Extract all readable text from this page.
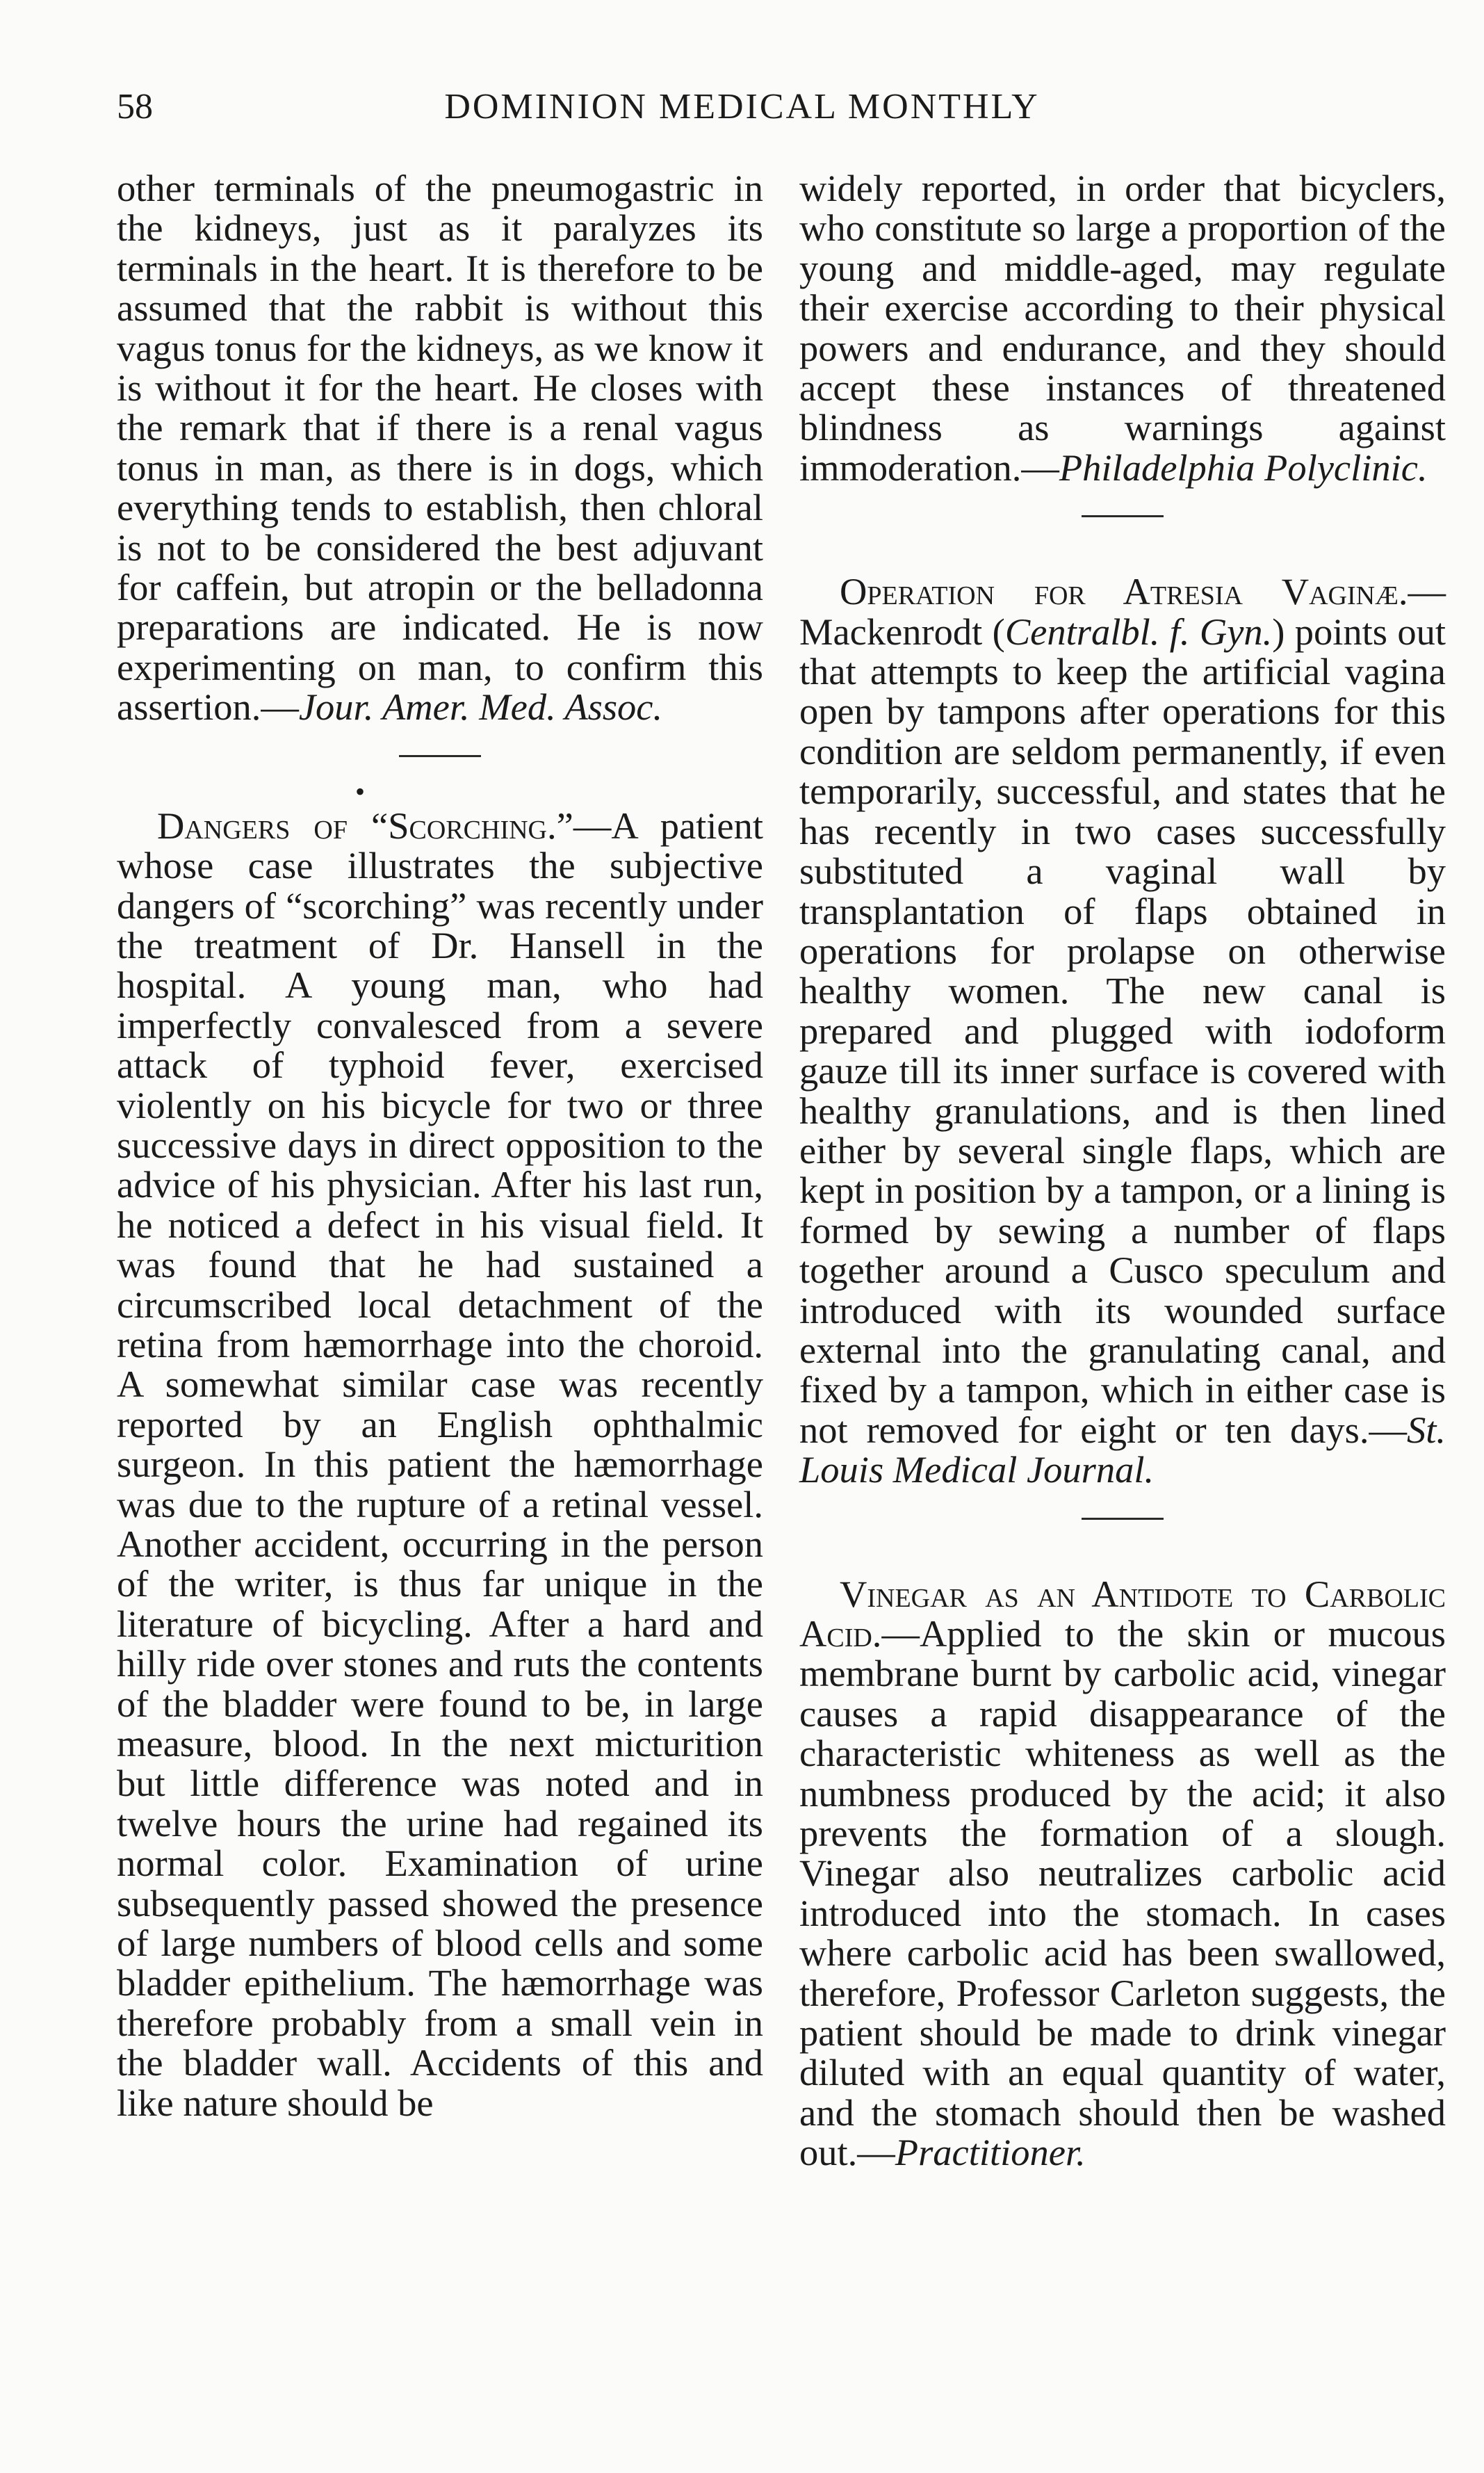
58	DOMINION MEDICAL MONTHLY

other terminals of the pneumogastric in the kidneys, just as it paralyzes its terminals in the heart. It is therefore to be assumed that the rabbit is without this vagus tonus for the kidneys, as we know it is without it for the heart. He closes with the remark that if there is a renal vagus tonus in man, as there is in dogs, which everything tends to establish, then chloral is not to be considered the best adjuvant for caffein, but atropin or the belladonna preparations are indicated. He is now experimenting on man, to confirm this assertion.—Jour. Amer. Med. Assoc.

•

Dangers of “Scorching.”—A patient whose case illustrates the subjective dangers of “scorching” was recently under the treatment of Dr. Hansell in the hospital. A young man, who had imperfectly convalesced from a severe attack of typhoid fever, exercised violently on his bicycle for two or three successive days in direct opposition to the advice of his physician. After his last run, he noticed a defect in his visual field. It was found that he had sustained a circumscribed local detachment of the retina from hæmorrhage into the choroid. A somewhat similar case was recently reported by an English ophthalmic surgeon. In this patient the hæmorrhage was due to the rupture of a retinal vessel. Another accident, occurring in the person of the writer, is thus far unique in the literature of bicycling. After a hard and hilly ride over stones and ruts the contents of the bladder were found to be, in large measure, blood. In the next micturition but little difference was noted and in twelve hours the urine had regained its normal color. Examination of urine subsequently passed showed the presence of large numbers of blood cells and some bladder epithelium. The hæmorrhage was therefore probably from a small vein in the bladder wall. Accidents of this and like nature should be

widely reported, in order that bicyclers, who constitute so large a proportion of the young and middle-aged, may regulate their exercise according to their physical powers and endurance, and they should accept these instances of threatened blindness as warnings against immoderation.—Philadelphia Polyclinic.

Operation for Atresia Vaginæ.—Mackenrodt (Centralbl. f. Gyn.) points out that attempts to keep the artificial vagina open by tampons after operations for this condition are seldom permanently, if even temporarily, successful, and states that he has recently in two cases successfully substituted a vaginal wall by transplantation of flaps obtained in operations for prolapse on otherwise healthy women. The new canal is prepared and plugged with iodoform gauze till its inner surface is covered with healthy granulations, and is then lined either by several single flaps, which are kept in position by a tampon, or a lining is formed by sewing a number of flaps together around a Cusco speculum and introduced with its wounded surface external into the granulating canal, and fixed by a tampon, which in either case is not removed for eight or ten days.—St. Louis Medical Journal.

Vinegar as an Antidote to Carbolic Acid.—Applied to the skin or mucous membrane burnt by carbolic acid, vinegar causes a rapid disappearance of the characteristic whiteness as well as the numbness produced by the acid; it also prevents the formation of a slough. Vinegar also neutralizes carbolic acid introduced into the stomach. In cases where carbolic acid has been swallowed, therefore, Professor Carleton suggests, the patient should be made to drink vinegar diluted with an equal quantity of water, and the stomach should then be washed out.—Practitioner.
